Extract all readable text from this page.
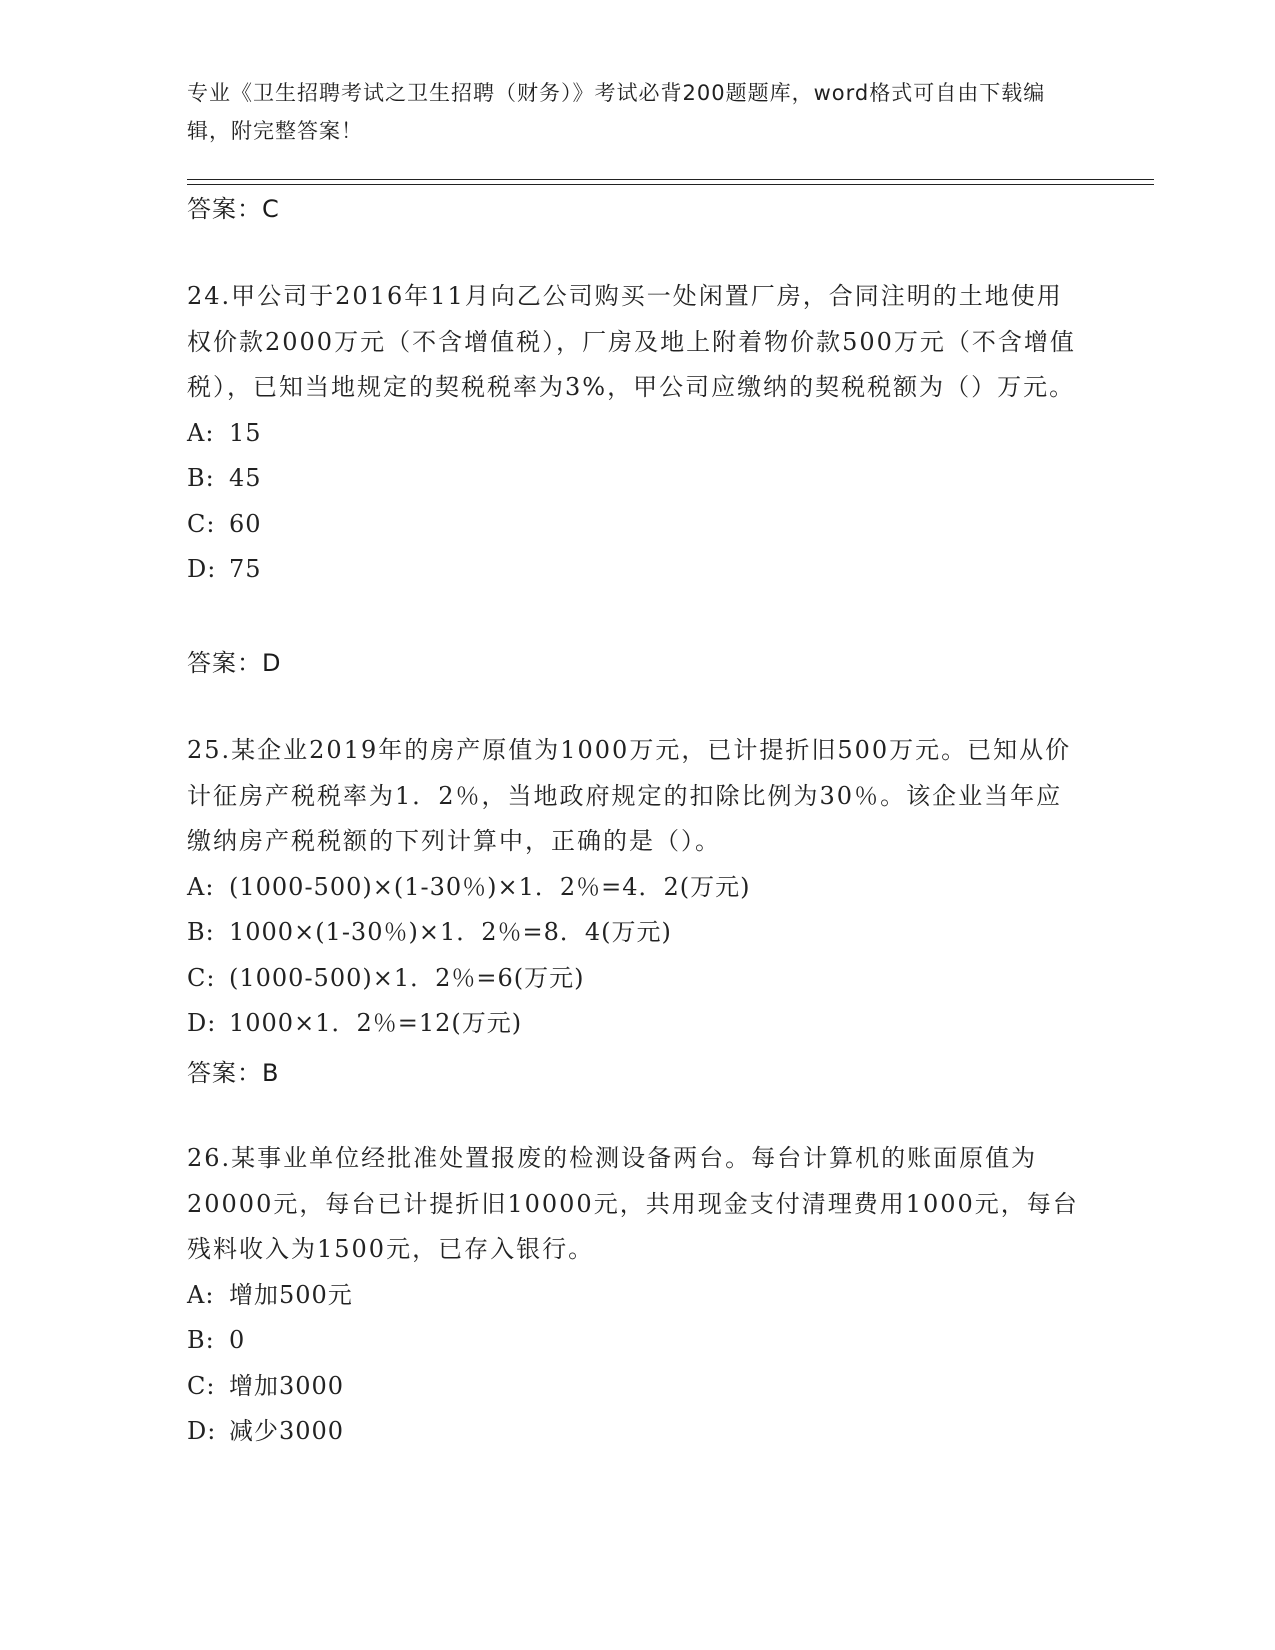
专业《卫生招聘考试之卫生招聘（财务）》考试必背200题题库，word格式可自由下载编辑，附完整答案！

答案：C

24.甲公司于2016年11月向乙公司购买一处闲置厂房，合同注明的土地使用权价款2000万元（不含增值税），厂房及地上附着物价款500万元（不含增值税），已知当地规定的契税税率为3%，甲公司应缴纳的契税税额为（）万元。

A: 15
B: 45
C: 60
D: 75

答案：D

25.某企业2019年的房产原值为1000万元，已计提折旧500万元。已知从价计征房产税税率为1．2％，当地政府规定的扣除比例为30％。该企业当年应缴纳房产税税额的下列计算中，正确的是（）。

A: (1000-500)×(1-30％)×1．2％=4．2(万元)
B: 1000×(1-30％)×1．2％=8．4(万元)
C: (1000-500)×1．2％=6(万元)
D: 1000×1．2％=12(万元)

答案：B

26.某事业单位经批准处置报废的检测设备两台。每台计算机的账面原值为20000元，每台已计提折旧10000元，共用现金支付清理费用1000元，每台残料收入为1500元，已存入银行。

A: 增加500元
B: 0
C: 增加3000
D: 减少3000
